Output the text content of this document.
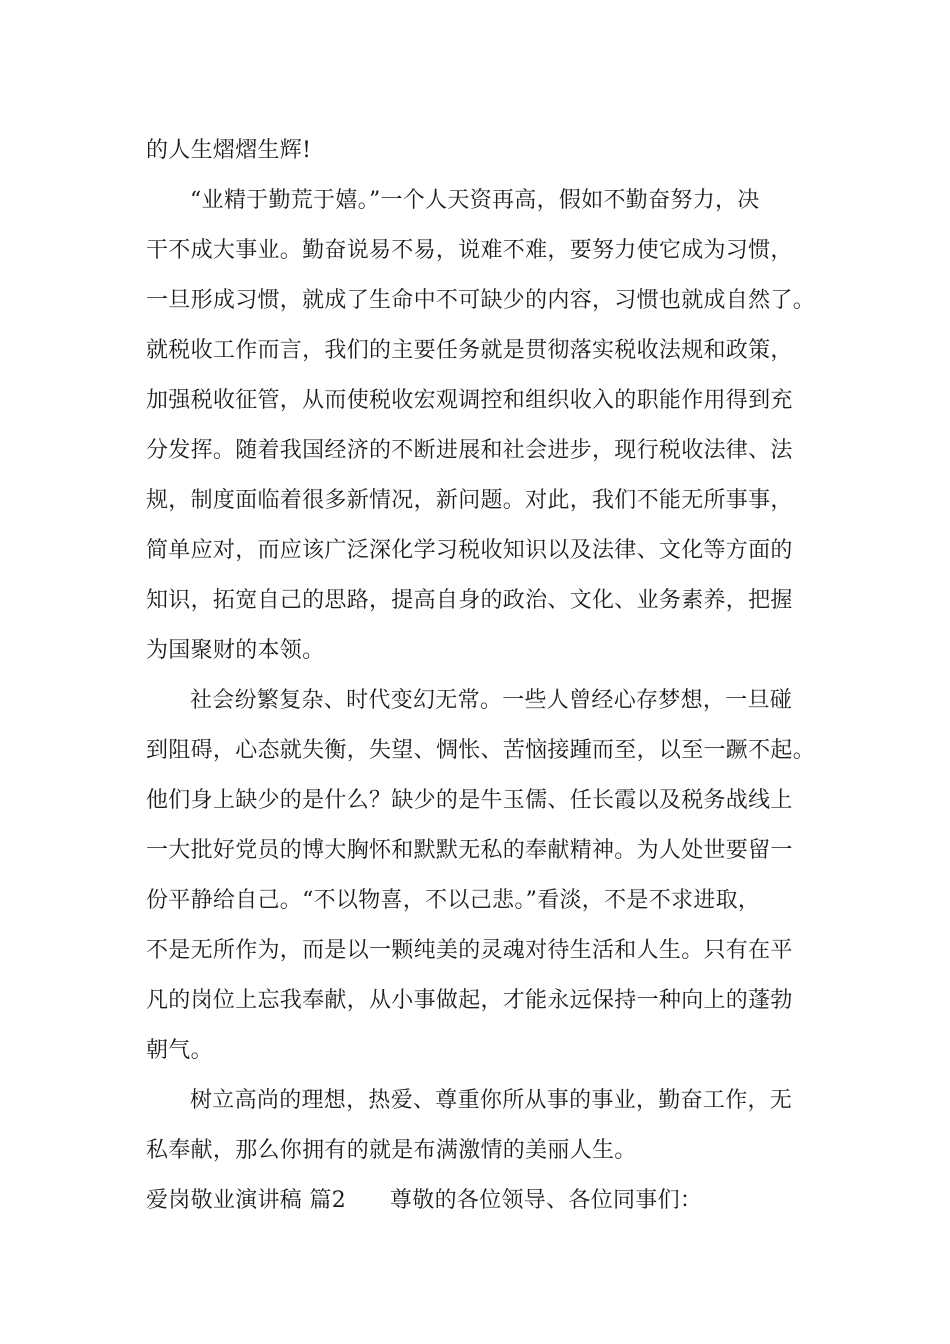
的人生熠熠生辉!
“业精于勤荒于嬉。”一个人天资再高，假如不勤奋努力，决
干不成大事业。勤奋说易不易，说难不难，要努力使它成为习惯，
一旦形成习惯，就成了生命中不可缺少的内容，习惯也就成自然了。
就税收工作而言，我们的主要任务就是贯彻落实税收法规和政策，
加强税收征管，从而使税收宏观调控和组织收入的职能作用得到充
分发挥。随着我国经济的不断进展和社会进步，现行税收法律、法
规，制度面临着很多新情况，新问题。对此，我们不能无所事事，
简单应对，而应该广泛深化学习税收知识以及法律、文化等方面的
知识，拓宽自己的思路，提高自身的政治、文化、业务素养，把握
为国聚财的本领。
社会纷繁复杂、时代变幻无常。一些人曾经心存梦想，一旦碰
到阻碍，心态就失衡，失望、惆怅、苦恼接踵而至，以至一蹶不起。
他们身上缺少的是什么？缺少的是牛玉儒、任长霞以及税务战线上
一大批好党员的博大胸怀和默默无私的奉献精神。为人处世要留一
份平静给自己。“不以物喜，不以己悲。”看淡，不是不求进取，
不是无所作为，而是以一颗纯美的灵魂对待生活和人生。只有在平
凡的岗位上忘我奉献，从小事做起，才能永远保持一种向上的蓬勃
朝气。
树立高尚的理想，热爱、尊重你所从事的事业，勤奋工作，无
私奉献，那么你拥有的就是布满激情的美丽人生。
爱岗敬业演讲稿 篇2 尊敬的各位领导、各位同事们：
